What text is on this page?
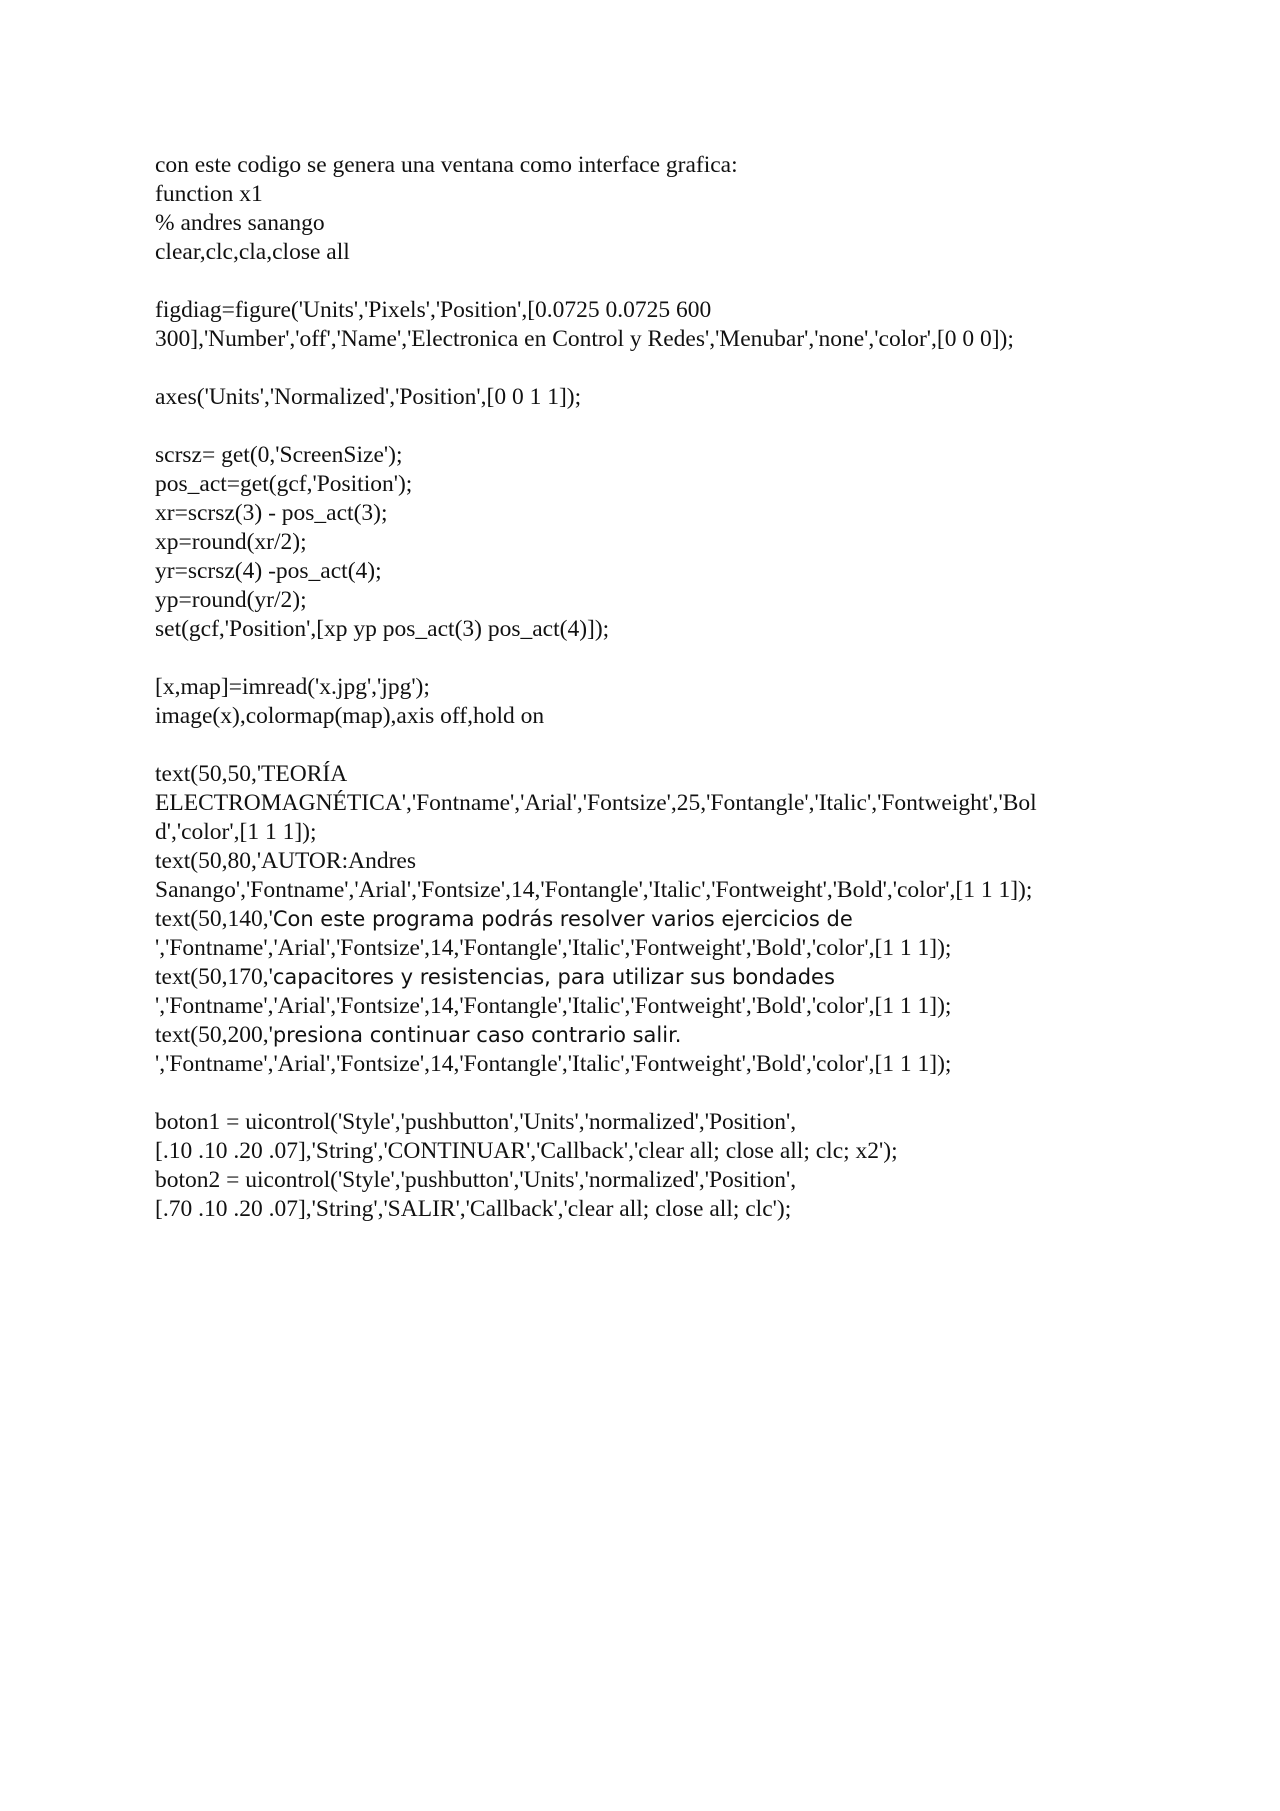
con este codigo se genera una ventana como interface grafica:
function x1
% andres sanango
clear,clc,cla,close all
figdiag=figure('Units','Pixels','Position',[0.0725 0.0725 600
300],'Number','off','Name','Electronica en Control y Redes','Menubar','none','color',[0 0 0]);
axes('Units','Normalized','Position',[0 0 1 1]);
scrsz= get(0,'ScreenSize');
pos_act=get(gcf,'Position');
xr=scrsz(3) - pos_act(3);
xp=round(xr/2);
yr=scrsz(4) -pos_act(4);
yp=round(yr/2);
set(gcf,'Position',[xp yp pos_act(3) pos_act(4)]);
[x,map]=imread('x.jpg','jpg');
image(x),colormap(map),axis off,hold on
text(50,50,'TEORÍA
ELECTROMAGNÉTICA','Fontname','Arial','Fontsize',25,'Fontangle','Italic','Fontweight','Bol
d','color',[1 1 1]);
text(50,80,'AUTOR:Andres
Sanango','Fontname','Arial','Fontsize',14,'Fontangle','Italic','Fontweight','Bold','color',[1 1 1]);
text(50,140,'Con este programa podrás resolver varios ejercicios de
','Fontname','Arial','Fontsize',14,'Fontangle','Italic','Fontweight','Bold','color',[1 1 1]);
text(50,170,'capacitores y resistencias, para utilizar sus bondades
','Fontname','Arial','Fontsize',14,'Fontangle','Italic','Fontweight','Bold','color',[1 1 1]);
text(50,200,'presiona continuar caso contrario salir.
','Fontname','Arial','Fontsize',14,'Fontangle','Italic','Fontweight','Bold','color',[1 1 1]);
boton1 = uicontrol('Style','pushbutton','Units','normalized','Position',
[.10 .10 .20 .07],'String','CONTINUAR','Callback','clear all; close all; clc; x2');
boton2 = uicontrol('Style','pushbutton','Units','normalized','Position',
[.70 .10 .20 .07],'String','SALIR','Callback','clear all; close all; clc');
